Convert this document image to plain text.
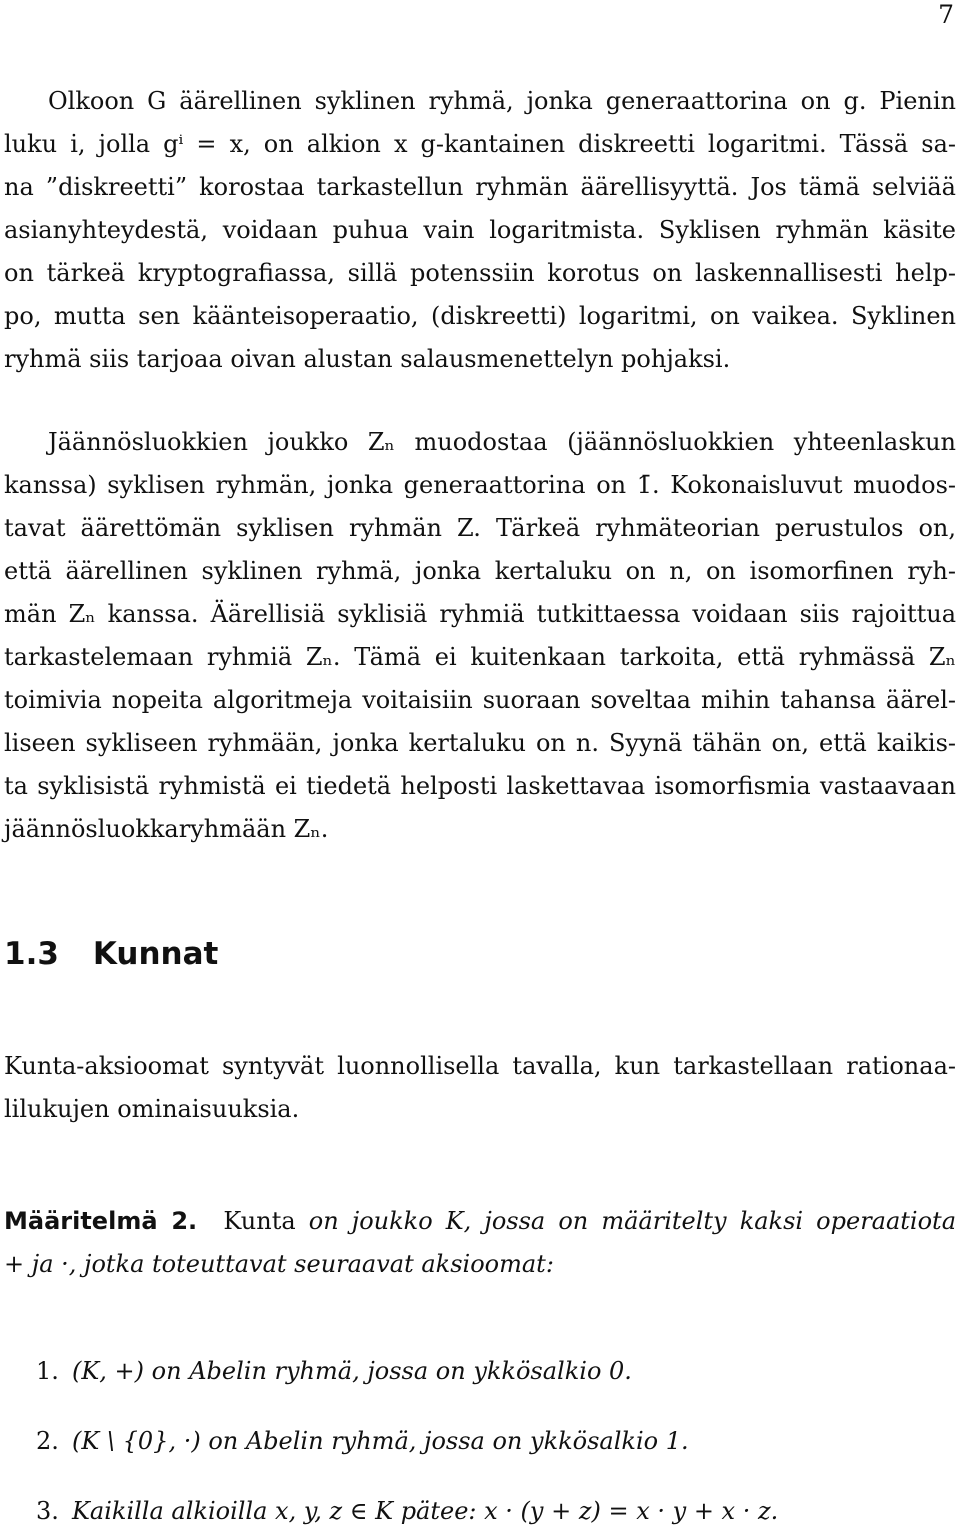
7
Olkoon G äärellinen syklinen ryhmä, jonka generaattorina on g. Pienin
luku i, jolla gⁱ = x, on alkion x g-kantainen diskreetti logaritmi. Tässä sa-
na ”diskreetti” korostaa tarkastellun ryhmän äärellisyyttä. Jos tämä selviää
asianyhteydestä, voidaan puhua vain logaritmista. Syklisen ryhmän käsite
on tärkeä kryptografiassa, sillä potenssiin korotus on laskennallisesti help-
po, mutta sen käänteisoperaatio, (diskreetti) logaritmi, on vaikea. Syklinen
ryhmä siis tarjoaa oivan alustan salausmenettelyn pohjaksi.
Jäännösluokkien joukko Zₙ muodostaa (jäännösluokkien yhteenlaskun
kanssa) syklisen ryhmän, jonka generaattorina on 1̄. Kokonaisluvut muodos-
tavat äärettömän syklisen ryhmän Z. Tärkeä ryhmäteorian perustulos on,
että äärellinen syklinen ryhmä, jonka kertaluku on n, on isomorfinen ryh-
män Zₙ kanssa. Äärellisiä syklisiä ryhmiä tutkittaessa voidaan siis rajoittua
tarkastelemaan ryhmiä Zₙ. Tämä ei kuitenkaan tarkoita, että ryhmässä Zₙ
toimivia nopeita algoritmeja voitaisiin suoraan soveltaa mihin tahansa äärel-
liseen sykliseen ryhmään, jonka kertaluku on n. Syynä tähän on, että kaikis-
ta syklisistä ryhmistä ei tiedetä helposti laskettavaa isomorfismia vastaavaan
jäännösluokkaryhmään Zₙ.
1.3 Kunnat
Kunta-aksioomat syntyvät luonnollisella tavalla, kun tarkastellaan rationaa-
lilukujen ominaisuuksia.
Määritelmä 2. Kunta on joukko K, jossa on määritelty kaksi operaatiota
+ ja ·, jotka toteuttavat seuraavat aksioomat:
1. (K, +) on Abelin ryhmä, jossa on ykkösalkio 0.
2. (K \ {0}, ·) on Abelin ryhmä, jossa on ykkösalkio 1.
3. Kaikilla alkioilla x, y, z ∈ K pätee: x · (y + z) = x · y + x · z.
